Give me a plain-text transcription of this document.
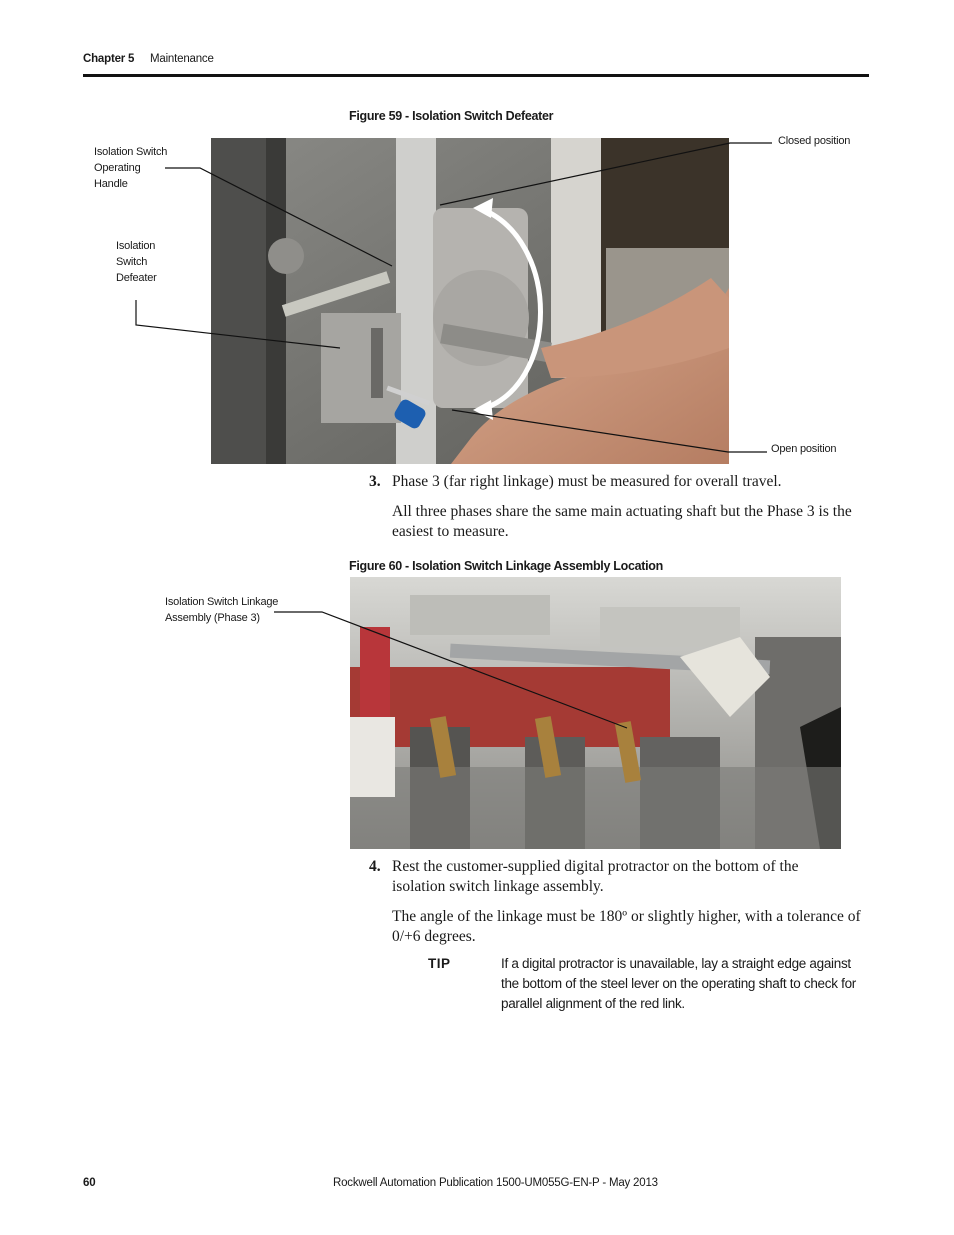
Chapter 5 Maintenance
Figure 59 - Isolation Switch Defeater
Isolation Switch
Operating
Handle
Isolation
Switch
Defeater
Closed position
Open position
3. Phase 3 (far right linkage) must be measured for overall travel.
All three phases share the same main actuating shaft but the Phase 3 is the easiest to measure.
Figure 60 - Isolation Switch Linkage Assembly Location
Isolation Switch Linkage
Assembly (Phase 3)
4. Rest the customer-supplied digital protractor on the bottom of the isolation switch linkage assembly.
The angle of the linkage must be 180º or slightly higher, with a tolerance of 0/+6 degrees.
TIP	If a digital protractor is unavailable, lay a straight edge against the bottom of the steel lever on the operating shaft to check for parallel alignment of the red link.
60	Rockwell Automation Publication 1500-UM055G-EN-P - May 2013
